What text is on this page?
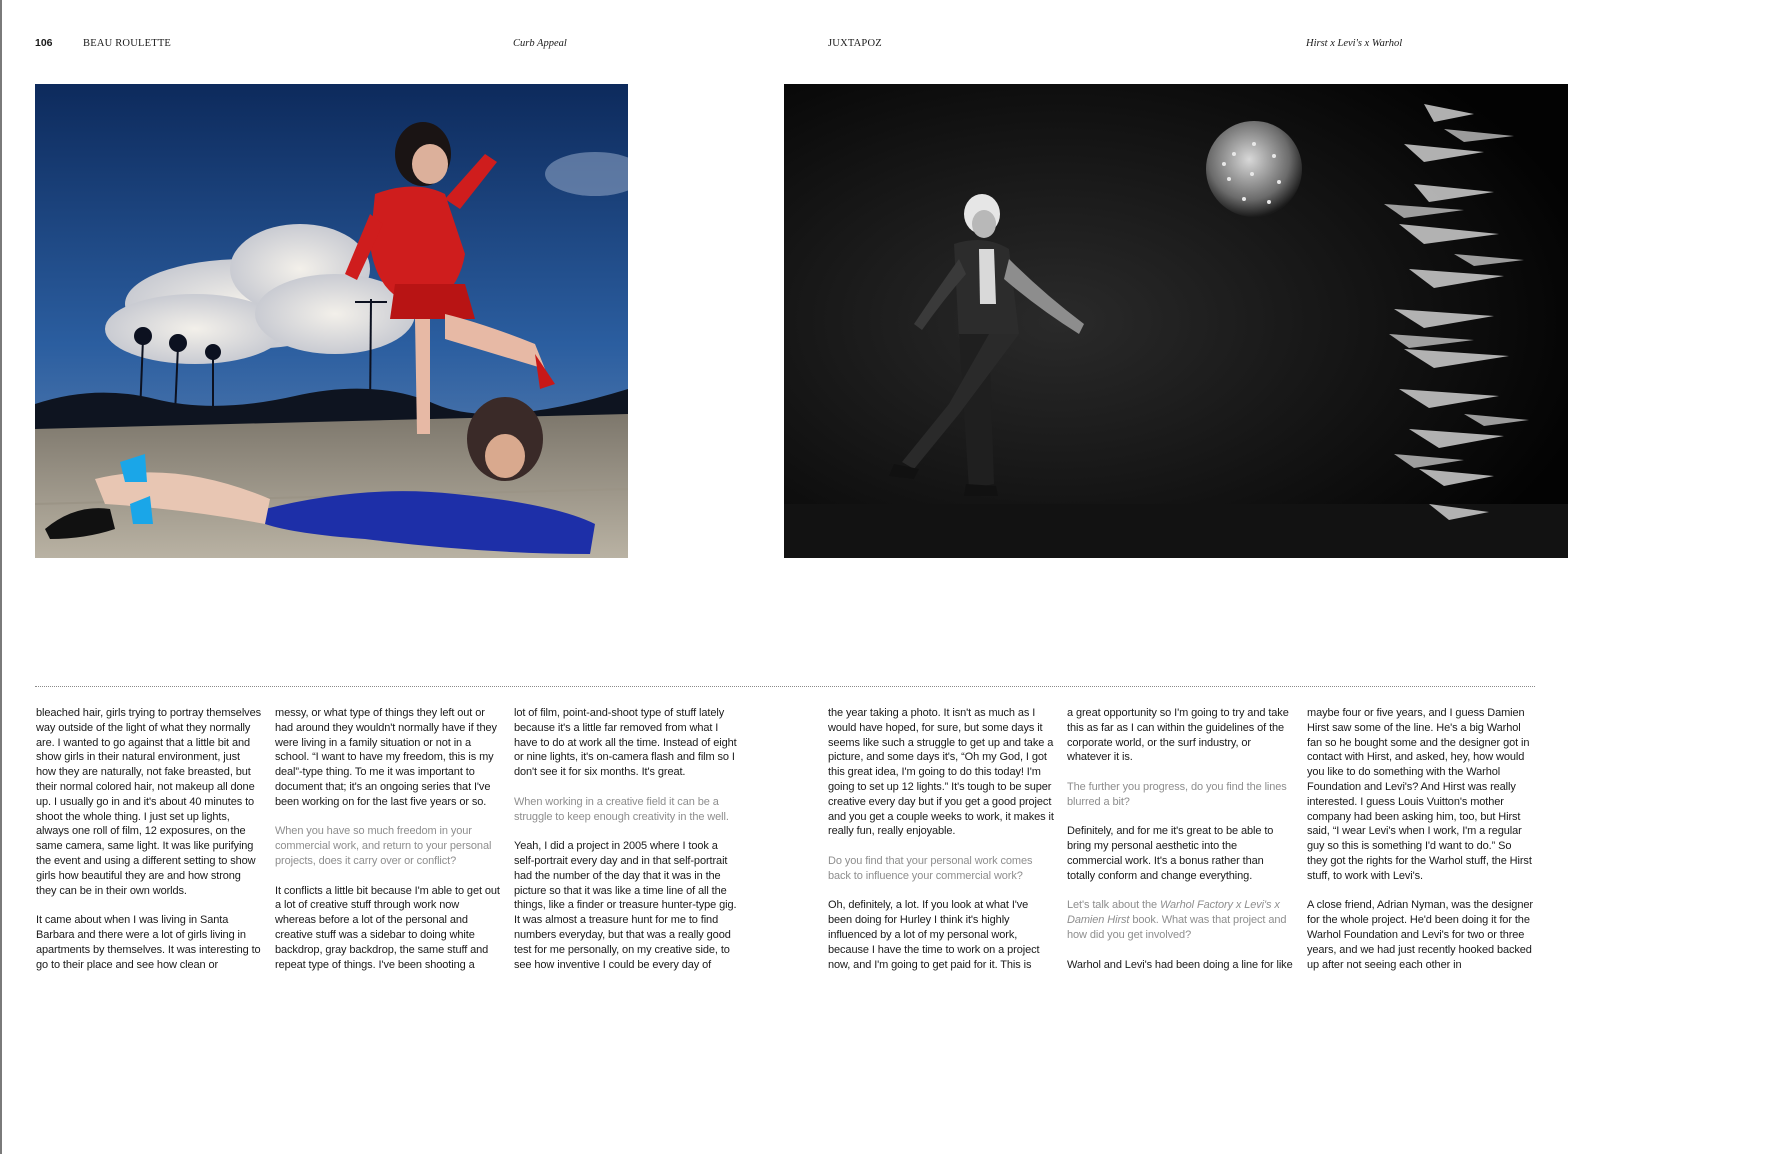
106	BEAU ROULETTE	Curb Appeal	JUXTAPOZ	Hirst x Levi's x Warhol

bleached hair, girls trying to portray themselves way outside of the light of what they normally are. I wanted to go against that a little bit and show girls in their natural environment, just how they are naturally, not fake breasted, but their normal colored hair, not makeup all done up. I usually go in and it's about 40 minutes to shoot the whole thing. I just set up lights, always one roll of film, 12 exposures, on the same camera, same light. It was like purifying the event and using a different setting to show girls how beautiful they are and how strong they can be in their own worlds.

It came about when I was living in Santa Barbara and there were a lot of girls living in apartments by themselves. It was interesting to go to their place and see how clean or

messy, or what type of things they left out or had around they wouldn't normally have if they were living in a family situation or not in a school. “I want to have my freedom, this is my deal”-type thing. To me it was important to document that; it's an ongoing series that I've been working on for the last five years or so.

When you have so much freedom in your commercial work, and return to your personal projects, does it carry over or conflict?

It conflicts a little bit because I'm able to get out a lot of creative stuff through work now whereas before a lot of the personal and creative stuff was a sidebar to doing white backdrop, gray backdrop, the same stuff and repeat type of things. I've been shooting a

lot of film, point-and-shoot type of stuff lately because it's a little far removed from what I have to do at work all the time. Instead of eight or nine lights, it's on-camera flash and film so I don't see it for six months. It's great.

When working in a creative field it can be a struggle to keep enough creativity in the well.

Yeah, I did a project in 2005 where I took a self-portrait every day and in that self-portrait had the number of the day that it was in the picture so that it was like a time line of all the things, like a finder or treasure hunter-type gig. It was almost a treasure hunt for me to find numbers everyday, but that was a really good test for me personally, on my creative side, to see how inventive I could be every day of

the year taking a photo. It isn't as much as I would have hoped, for sure, but some days it seems like such a struggle to get up and take a picture, and some days it's, “Oh my God, I got this great idea, I'm going to do this today! I'm going to set up 12 lights.” It's tough to be super creative every day but if you get a good project and you get a couple weeks to work, it makes it really fun, really enjoyable.

Do you find that your personal work comes back to influence your commercial work?

Oh, definitely, a lot. If you look at what I've been doing for Hurley I think it's highly influenced by a lot of my personal work, because I have the time to work on a project now, and I'm going to get paid for it. This is

a great opportunity so I'm going to try and take this as far as I can within the guidelines of the corporate world, or the surf industry, or whatever it is.

The further you progress, do you find the lines blurred a bit?

Definitely, and for me it's great to be able to bring my personal aesthetic into the commercial work. It's a bonus rather than totally conform and change everything.

Let's talk about the Warhol Factory x Levi's x Damien Hirst book. What was that project and how did you get involved?

Warhol and Levi's had been doing a line for like

maybe four or five years, and I guess Damien Hirst saw some of the line. He's a big Warhol fan so he bought some and the designer got in contact with Hirst, and asked, hey, how would you like to do something with the Warhol Foundation and Levi's? And Hirst was really interested. I guess Louis Vuitton's mother company had been asking him, too, but Hirst said, “I wear Levi's when I work, I'm a regular guy so this is something I'd want to do.” So they got the rights for the Warhol stuff, the Hirst stuff, to work with Levi's.

A close friend, Adrian Nyman, was the designer for the whole project. He'd been doing it for the Warhol Foundation and Levi's for two or three years, and we had just recently hooked backed up after not seeing each other in
